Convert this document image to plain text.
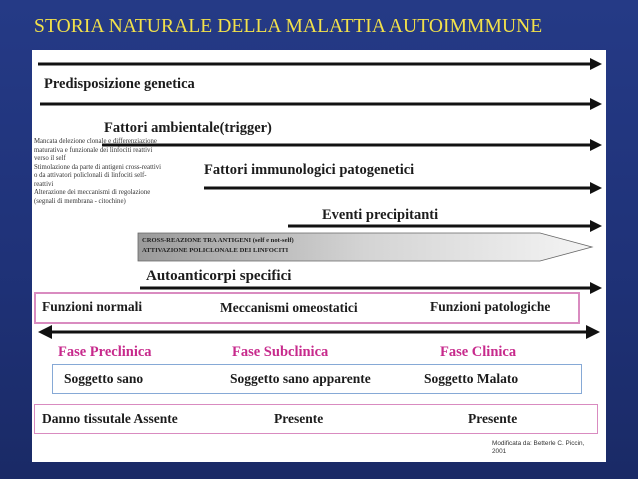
STORIA NATURALE DELLA MALATTIA AUTOIMMMUNE
Predisposizione genetica
Fattori ambientale(trigger)
Mancata delezione clonale e differenziazione
maturativa e funzionale dei linfociti reattivi
verso il self
Stimolazione da parte di antigeni cross-reattivi
o da attivatori policlonali di linfociti self-
reattivi
Alterazione dei meccanismi di regolazione
(segnali di membrana - citochine)
Fattori immunologici patogenetici
Eventi precipitanti
CROSS-REAZIONE TRA ANTIGENI (self e not-self)
ATTIVAZIONE POLICLONALE DEI LINFOCITI
Autoanticorpi specifici
Funzioni normali	Meccanismi omeostatici	Funzioni patologiche
Fase Preclinica	Fase Subclinica	Fase Clinica
Soggetto sano	Soggetto sano apparente	Soggetto Malato
Danno tissutale Assente	Presente	Presente
Modificata da: Betterle C. Piccin,
2001
